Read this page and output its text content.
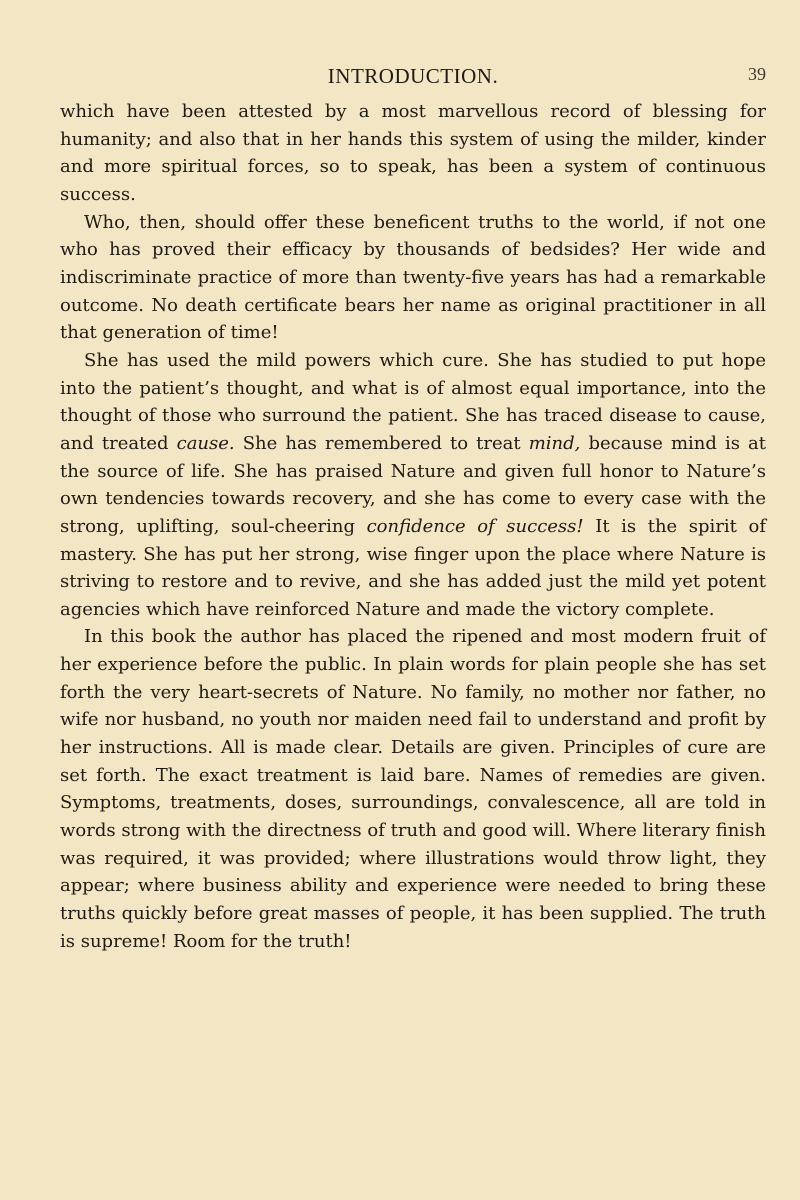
INTRODUCTION.	39

which have been attested by a most marvellous record of blessing for humanity; and also that in her hands this system of using the milder, kinder and more spiritual forces, so to speak, has been a system of continuous success.

Who, then, should offer these beneficent truths to the world, if not one who has proved their efficacy by thousands of bedsides? Her wide and indiscriminate practice of more than twenty-five years has had a remarkable outcome. No death certificate bears her name as original practitioner in all that generation of time!

She has used the mild powers which cure. She has studied to put hope into the patient’s thought, and what is of almost equal importance, into the thought of those who surround the patient. She has traced disease to cause, and treated cause. She has remembered to treat mind, because mind is at the source of life. She has praised Nature and given full honor to Nature’s own tendencies towards recovery, and she has come to every case with the strong, uplifting, soul-cheering confidence of success! It is the spirit of mastery. She has put her strong, wise finger upon the place where Nature is striving to restore and to revive, and she has added just the mild yet potent agencies which have reinforced Nature and made the victory complete.

In this book the author has placed the ripened and most modern fruit of her experience before the public. In plain words for plain people she has set forth the very heart-secrets of Nature. No family, no mother nor father, no wife nor husband, no youth nor maiden need fail to understand and profit by her instructions. All is made clear. Details are given. Principles of cure are set forth. The exact treatment is laid bare. Names of remedies are given. Symptoms, treatments, doses, surroundings, convalescence, all are told in words strong with the directness of truth and good will. Where literary finish was required, it was provided; where illustrations would throw light, they appear; where business ability and experience were needed to bring these truths quickly before great masses of people, it has been supplied. The truth is supreme! Room for the truth!
